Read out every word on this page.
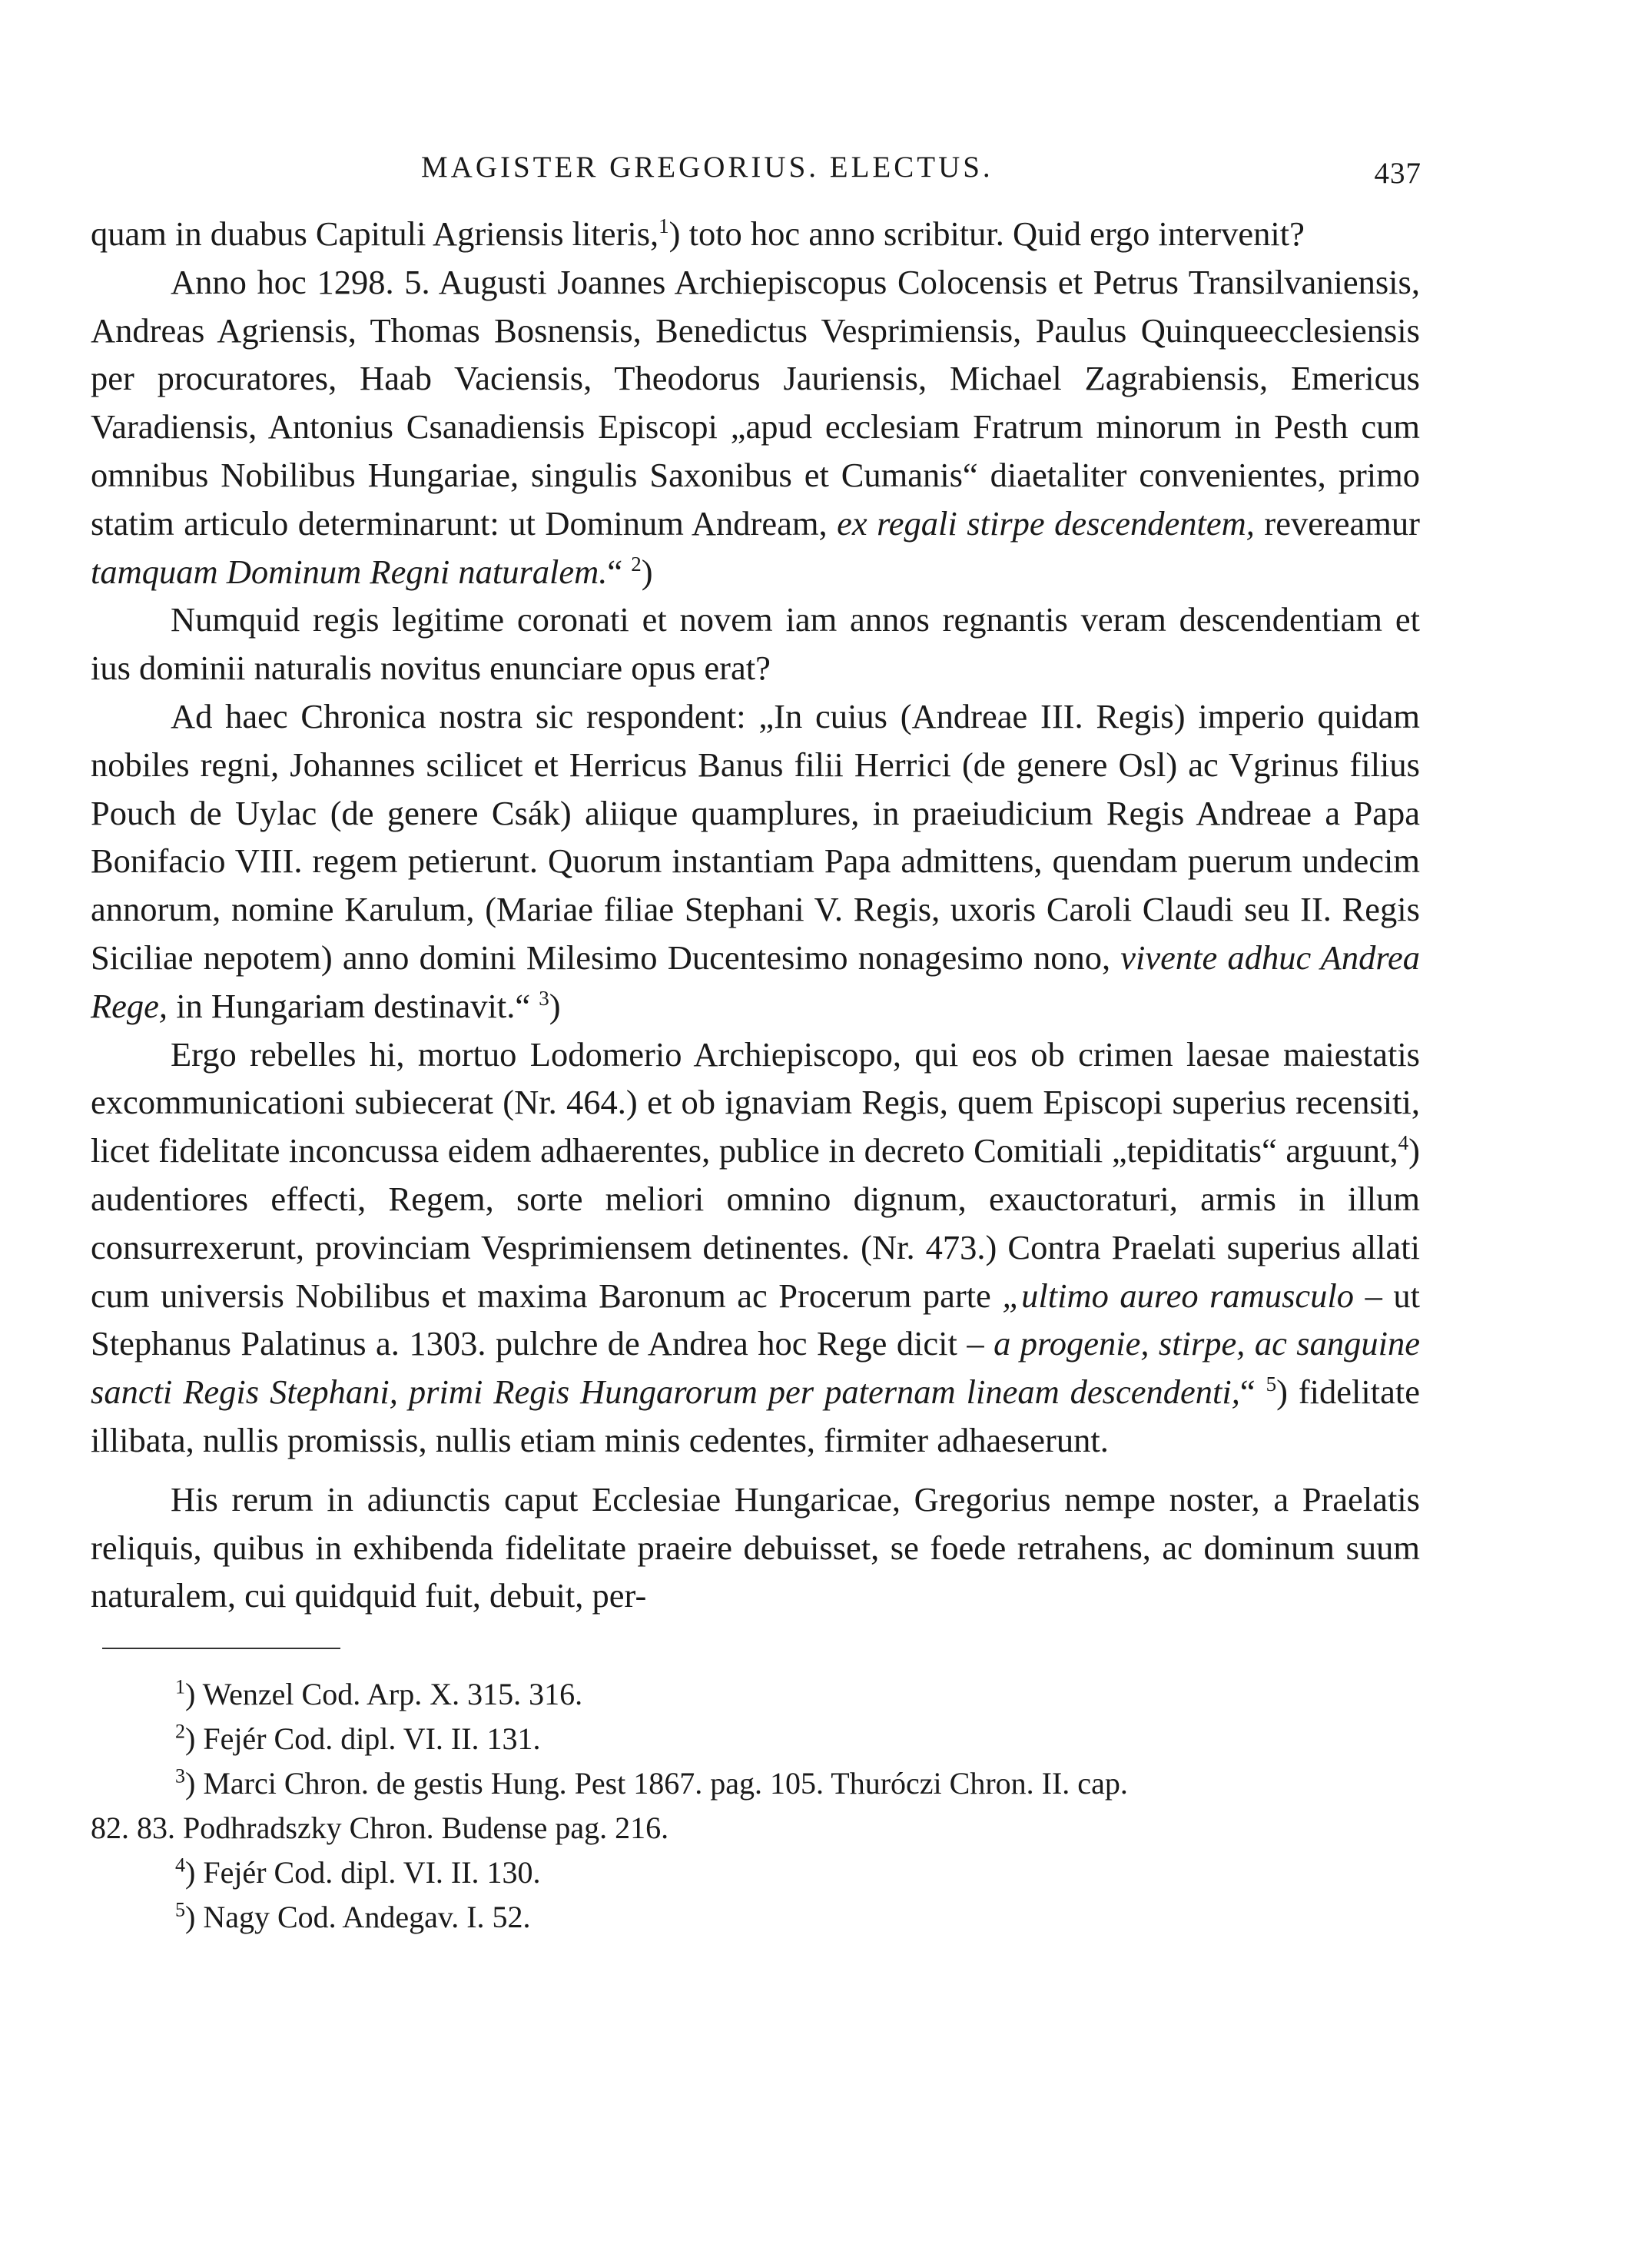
MAGISTER GREGORIUS. ELECTUS.	437

quam in duabus Capituli Agriensis literis,$^1$) toto hoc anno scribitur. Quid ergo intervenit?

Anno hoc 1298. 5. Augusti Joannes Archiepiscopus Colocensis et Petrus Transilvaniensis, Andreas Agriensis, Thomas Bosnensis, Benedictus Vesprimiensis, Paulus Quinqueecclesiensis per procuratores, Haab Vaciensis, Theodorus Jauriensis, Michael Zagrabiensis, Emericus Varadiensis, Antonius Csanadiensis Episcopi „apud ecclesiam Fratrum minorum in Pesth cum omnibus Nobilibus Hungariae, singulis Saxonibus et Cumanis“ diaetaliter convenientes, primo statim articulo determinarunt: ut Dominum Andream, ex regali stirpe descendentem, revereamur tamquam Dominum Regni naturalem.“ $^2$)

Numquid regis legitime coronati et novem iam annos regnantis veram descendentiam et ius dominii naturalis novitus enunciare opus erat?

Ad haec Chronica nostra sic respondent: „In cuius (Andreae III. Regis) imperio quidam nobiles regni, Johannes scilicet et Herricus Banus filii Herrici (de genere Osl) ac Vgrinus filius Pouch de Uylac (de genere Csák) aliique quamplures, in praeiudicium Regis Andreae a Papa Bonifacio VIII. regem petierunt. Quorum instantiam Papa admittens, quendam puerum undecim annorum, nomine Karulum, (Mariae filiae Stephani V. Regis, uxoris Caroli Claudi seu II. Regis Siciliae nepotem) anno domini Milesimo Ducentesimo nonagesimo nono, vivente adhuc Andrea Rege, in Hungariam destinavit.“ $^3$)

Ergo rebelles hi, mortuo Lodomerio Archiepiscopo, qui eos ob crimen laesae maiestatis excommunicationi subiecerat (Nr. 464.) et ob ignaviam Regis, quem Episcopi superius recensiti, licet fidelitate inconcussa eidem adhaerentes, publice in decreto Comitiali „tepiditatis“ arguunt,$^4$) audentiores effecti, Regem, sorte meliori omnino dignum, exauctoraturi, armis in illum consurrexerunt, provinciam Vesprimiensem detinentes. (Nr. 473.) Contra Praelati superius allati cum universis Nobilibus et maxima Baronum ac Procerum parte „ultimo aureo ramusculo – ut Stephanus Palatinus a. 1303. pulchre de Andrea hoc Rege dicit – a progenie, stirpe, ac sanguine sancti Regis Stephani, primi Regis Hungarorum per paternam lineam descendenti,“ $^5$) fidelitate illibata, nullis promissis, nullis etiam minis cedentes, firmiter adhaeserunt.

His rerum in adiunctis caput Ecclesiae Hungaricae, Gregorius nempe noster, a Praelatis reliquis, quibus in exhibenda fidelitate praeire debuisset, se foede retrahens, ac dominum suum naturalem, cui quidquid fuit, debuit, per-

$^1$) Wenzel Cod. Arp. X. 315. 316.
$^2$) Fejér Cod. dipl. VI. II. 131.
$^3$) Marci Chron. de gestis Hung. Pest 1867. pag. 105. Thuróczi Chron. II. cap.
82. 83. Podhradszky Chron. Budense pag. 216.
$^4$) Fejér Cod. dipl. VI. II. 130.
$^5$) Nagy Cod. Andegav. I. 52.
